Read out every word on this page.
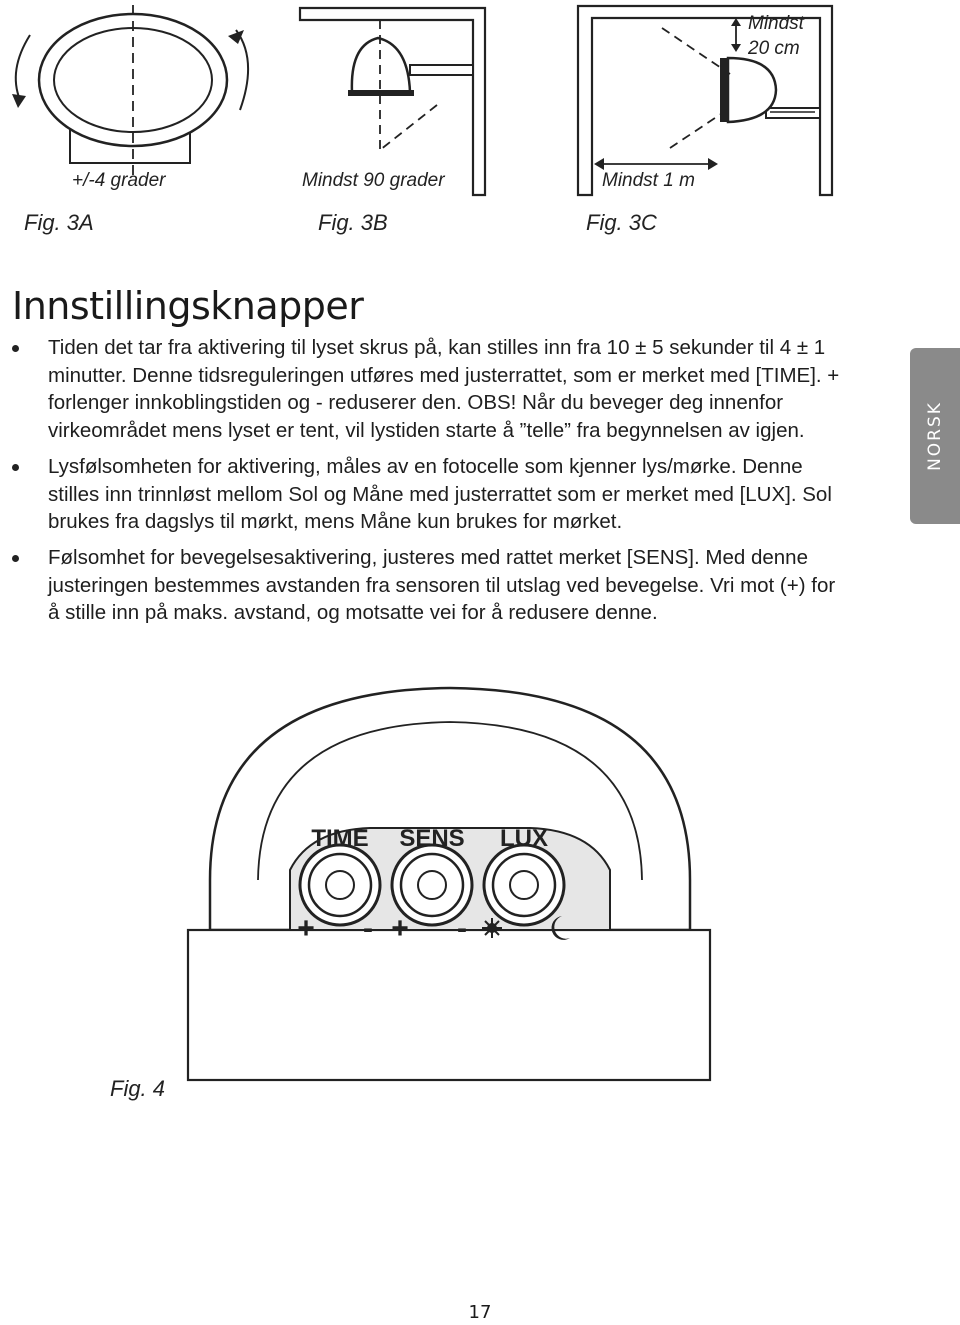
+/-4 grader
Fig. 3A
Mindst 90 grader
Fig. 3B
Mindst
20 cm
Mindst 1 m
Fig. 3C
Innstillingsknapper
Tiden det tar fra aktivering til lyset skrus på, kan stilles inn fra 10 ± 5 sekunder til 4 ± 1 minutter. Denne tidsreguleringen utføres med justerrattet, som er merket med [TIME]. + forlenger innkoblingstiden og - reduserer den. OBS! Når du beveger deg innenfor virkeområdet mens lyset er tent, vil lystiden starte å ”telle” fra begynnelsen av igjen.
Lysfølsomheten for aktivering, måles av en fotocelle som kjenner lys/mørke. Denne stilles inn trinnløst mellom Sol og Måne med justerrattet som er merket med [LUX]. Sol brukes fra dagslys til mørkt, mens Måne kun brukes for mørket.
Følsomhet for bevegelsesaktivering, justeres med rattet merket [SENS]. Med denne justeringen bestemmes avstanden fra sensoren til utslag ved bevegelse. Vri mot (+) for å stille inn på maks. avstand, og motsatte vei for å redusere denne.
NORSK
TIME SENS LUX
+ - + -
Fig. 4
17
